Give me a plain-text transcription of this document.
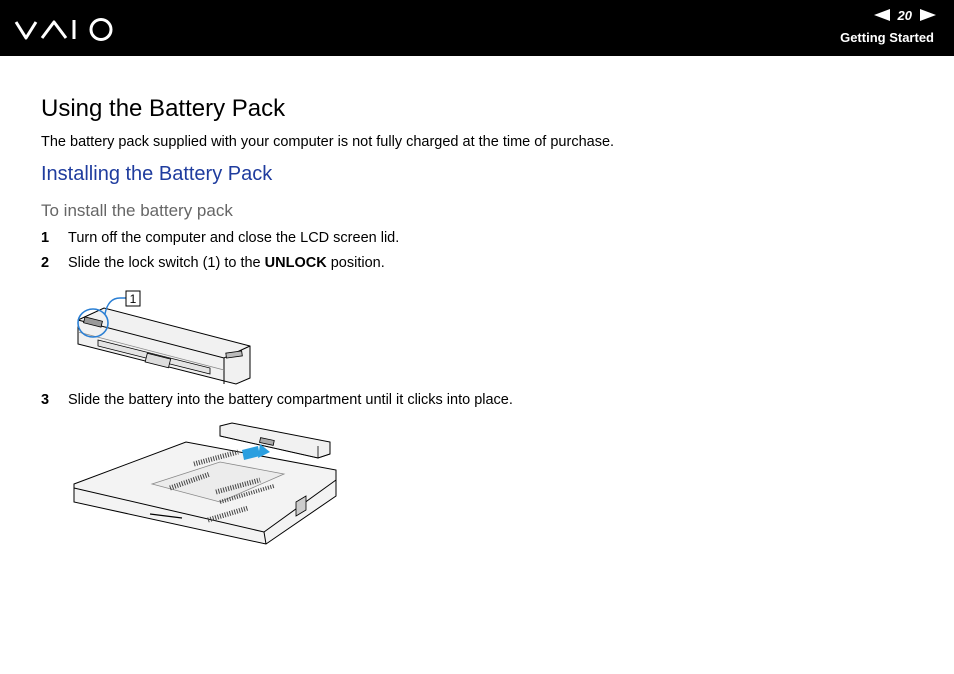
20
Getting Started
Using the Battery Pack
The battery pack supplied with your computer is not fully charged at the time of purchase.
Installing the Battery Pack
To install the battery pack
1	Turn off the computer and close the LCD screen lid.
2	Slide the lock switch (1) to the UNLOCK position.
1
3	Slide the battery into the battery compartment until it clicks into place.
